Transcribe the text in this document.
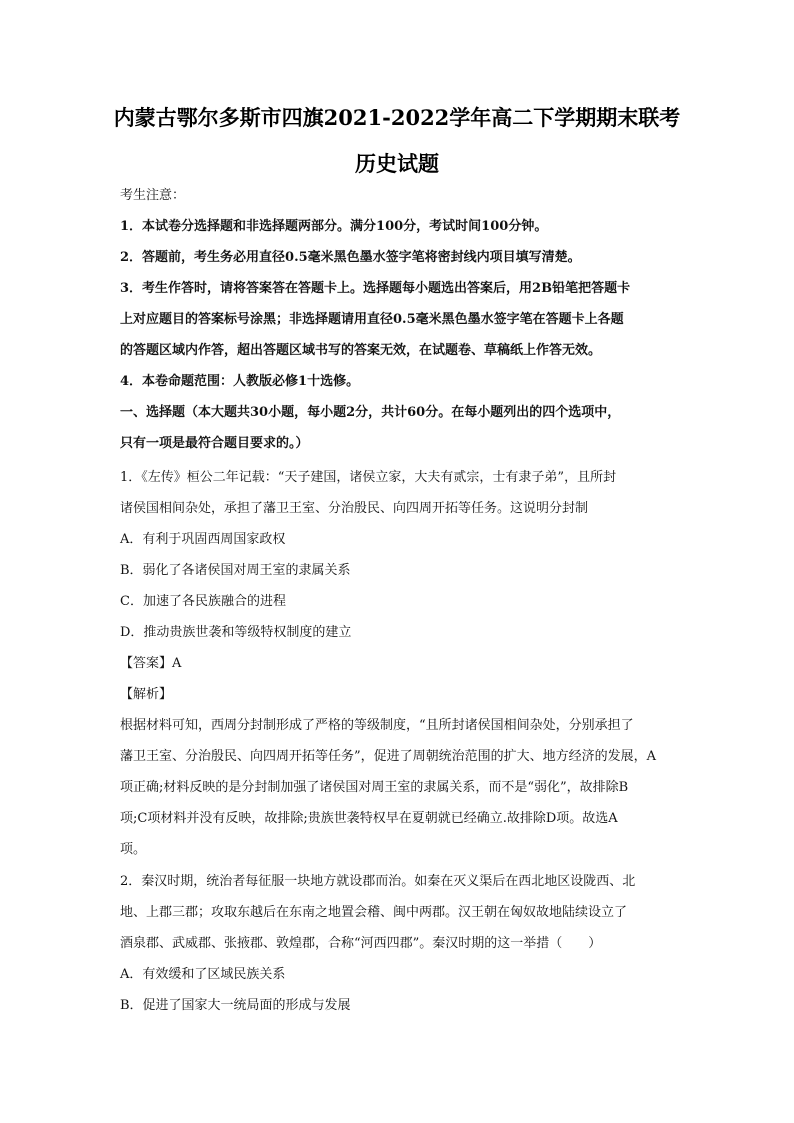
内蒙古鄂尔多斯市四旗2021-2022学年高二下学期期末联考
历史试题
考生注意：
1．本试卷分选择题和非选择题两部分。满分100分，考试时间100分钟。
2．答题前，考生务必用直径0.5毫米黑色墨水签字笔将密封线内项目填写清楚。
3．考生作答时，请将答案答在答题卡上。选择题每小题选出答案后，用2B铅笔把答题卡
上对应题目的答案标号涂黑；非选择题请用直径0.5毫米黑色墨水签字笔在答题卡上各题
的答题区域内作答，超出答题区域书写的答案无效，在试题卷、草稿纸上作答无效。
4．本卷命题范围：人教版必修1十选修。
一、选择题（本大题共30小题，每小题2分，共计60分。在每小题列出的四个选项中，
只有一项是最符合题目要求的。）
1．《左传》桓公二年记载：“天子建国，诸侯立家，大夫有贰宗，士有隶子弟”，且所封
诸侯国相间杂处，承担了藩卫王室、分治殷民、向四周开拓等任务。这说明分封制
A．有利于巩固西周国家政权
B．弱化了各诸侯国对周王室的隶属关系
C．加速了各民族融合的进程
D．推动贵族世袭和等级特权制度的建立
【答案】A
【解析】
根据材料可知，西周分封制形成了严格的等级制度，“且所封诸侯国相间杂处，分别承担了
藩卫王室、分治殷民、向四周开拓等任务”，促进了周朝统治范围的扩大、地方经济的发展，A
项正确;材料反映的是分封制加强了诸侯国对周王室的隶属关系，而不是“弱化”，故排除B
项;C项材料并没有反映，故排除;贵族世袭特权早在夏朝就已经确立.故排除D项。故选A
项。
2．秦汉时期，统治者每征服一块地方就设郡而治。如秦在灭义渠后在西北地区设陇西、北
地、上郡三郡；攻取东越后在东南之地置会稽、闽中两郡。汉王朝在匈奴故地陆续设立了
酒泉郡、武威郡、张掖郡、敦煌郡，合称“河西四郡”。秦汉时期的这一举措（　　）
A．有效缓和了区域民族关系
B．促进了国家大一统局面的形成与发展
